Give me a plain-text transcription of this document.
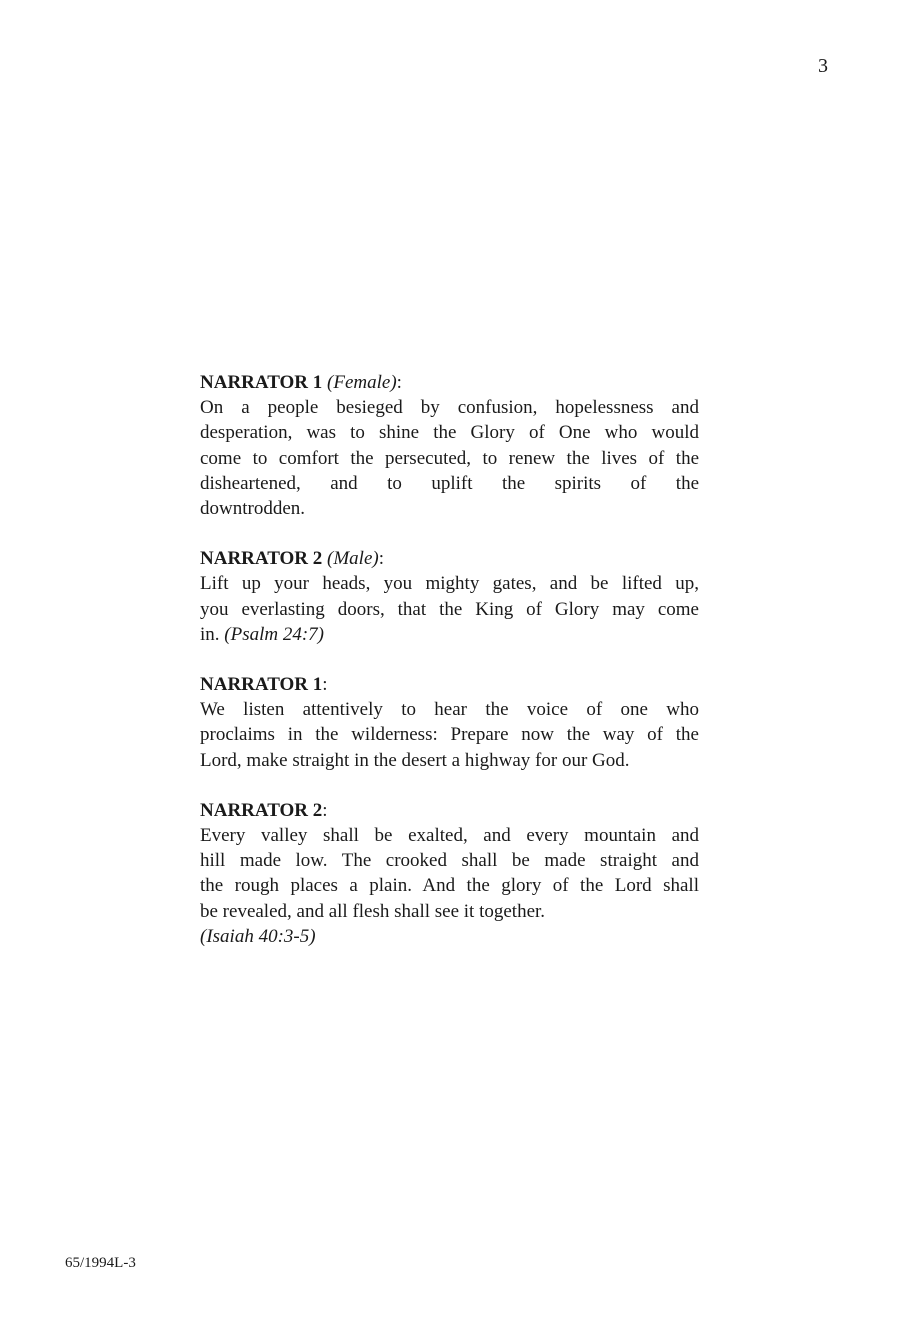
3

NARRATOR 1 (Female):

On a people besieged by confusion, hopelessness and
desperation, was to shine the Glory of One who would
come to comfort the persecuted, to renew the lives of the
disheartened, and to uplift the spirits of the
downtrodden.

NARRATOR 2 (Male):

Lift up your heads, you mighty gates, and be lifted up,
you everlasting doors, that the King of Glory may come
in. (Psalm 24:7)

NARRATOR 1:

We listen attentively to hear the voice of one who
proclaims in the wilderness: Prepare now the way of the
Lord, make straight in the desert a highway for our God.

NARRATOR 2:

Every valley shall be exalted, and every mountain and
hill made low. The crooked shall be made straight and
the rough places a plain. And the glory of the Lord shall
be revealed, and all flesh shall see it together.
(Isaiah 40:3-5)

65/1994L-3
